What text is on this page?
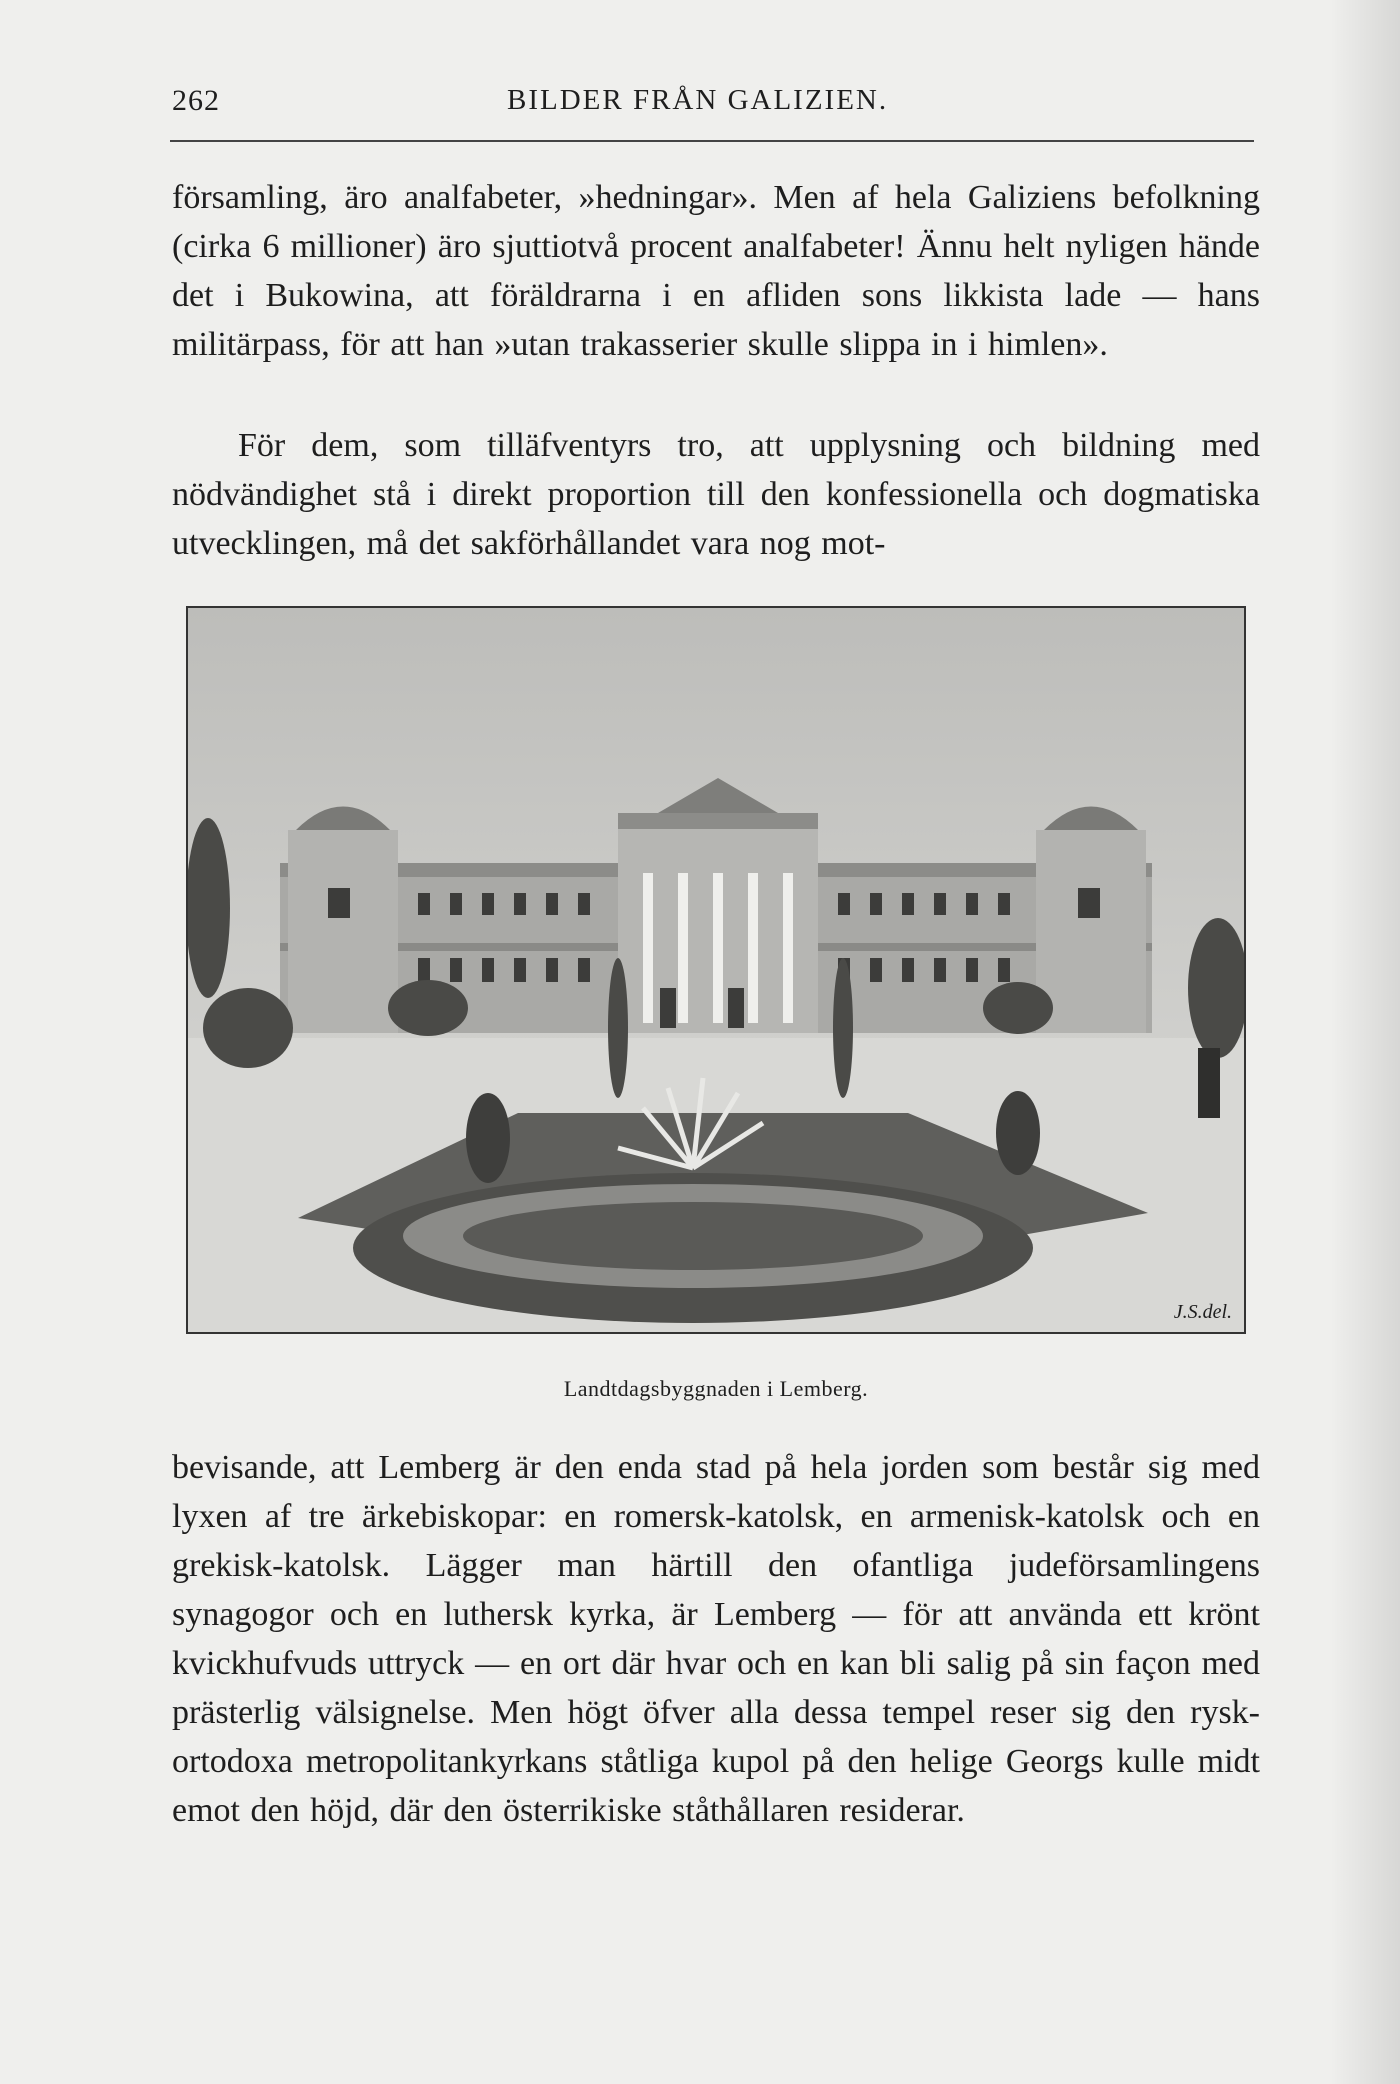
262	BILDER FRÅN GALIZIEN.

församling, äro analfabeter, »hedningar». Men af hela Galiziens befolkning (cirka 6 millioner) äro sjuttiotvå procent analfabeter! Ännu helt nyligen hände det i Bukowina, att föräldrarna i en afliden sons likkista lade — hans militärpass, för att han »utan trakasserier skulle slippa in i himlen».

För dem, som tilläfventyrs tro, att upplysning och bildning med nödvändighet stå i direkt proportion till den konfessionella och dogmatiska utvecklingen, må det sakförhållandet vara nog mot-

J.S.del.
Landtdagsbyggnaden i Lemberg.

bevisande, att Lemberg är den enda stad på hela jorden som består sig med lyxen af tre ärkebiskopar: en romersk-katolsk, en armenisk-katolsk och en grekisk-katolsk. Lägger man härtill den ofantliga judeförsamlingens synagogor och en luthersk kyrka, är Lemberg — för att använda ett krönt kvickhufvuds uttryck — en ort där hvar och en kan bli salig på sin façon med prästerlig välsignelse. Men högt öfver alla dessa tempel reser sig den rysk-ortodoxa metropolitankyrkans ståtliga kupol på den helige Georgs kulle midt emot den höjd, där den österrikiske ståthållaren residerar.
